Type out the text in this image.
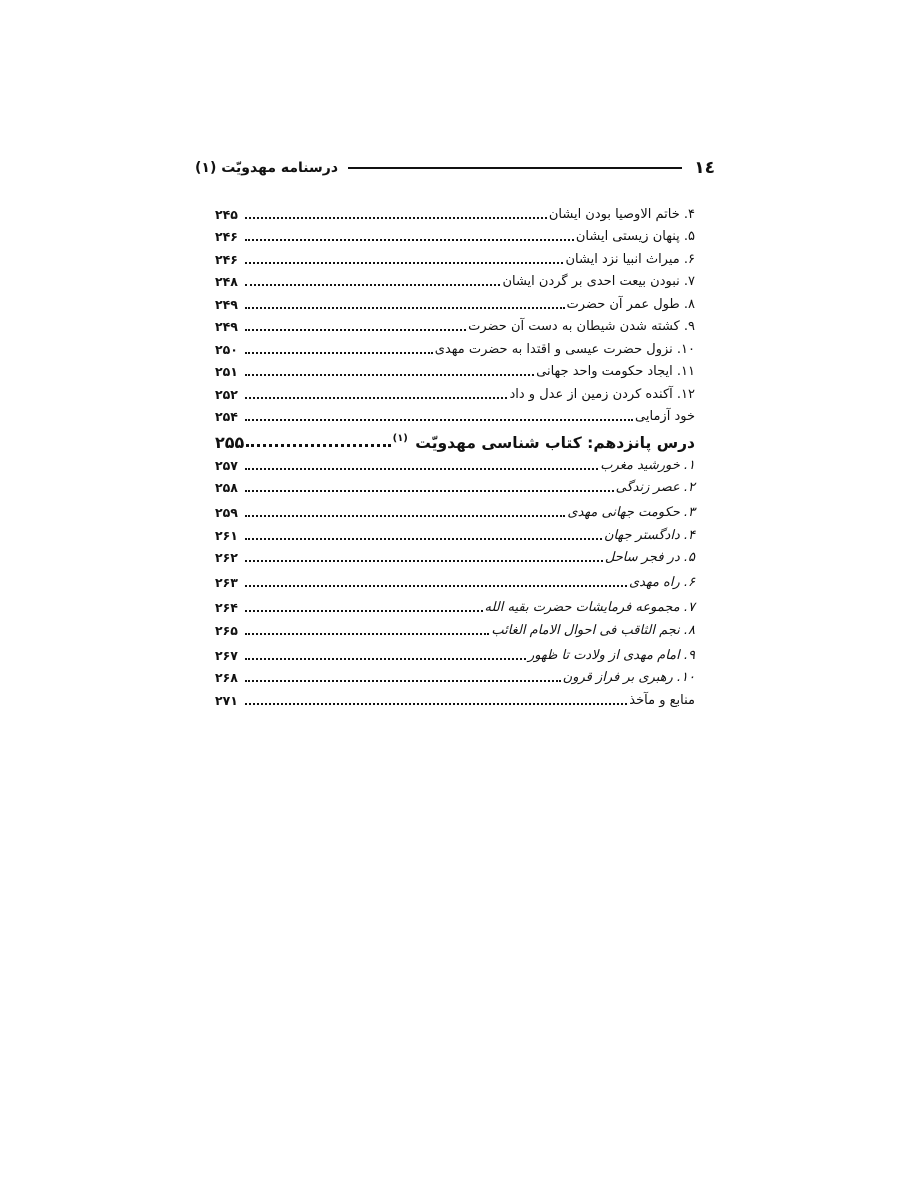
١٤
درسنامه مهدويّت (١)
۴. خاتم الاوصیا بودن ایشان
۲۴۵
۵. پنهان زیستی ایشان
۲۴۶
۶. میراث انبیا نزد ایشان
۲۴۶
۷. نبودن بیعت احدی بر گردن ایشان
۲۴۸
۸. طول عمر آن حضرت
۲۴۹
۹. کشته شدن شیطان به دست آن حضرت
۲۴۹
۱۰. نزول حضرت عیسی و اقتدا به حضرت مهدی
۲۵۰
۱۱. ایجاد حکومت واحد جهانی
۲۵۱
۱۲. آکنده کردن زمین از عدل و داد
۲۵۲
خود آزمایی
۲۵۴
درس پانزدهم: کتاب شناسی مهدویّت $^{(۱)}$
۲۵۵
۱. خورشید مغرب
۲۵۷
۲. عصر زندگی
۲۵۸
۳. حکومت جهانی مهدی
۲۵۹
۴. دادگستر جهان
۲۶۱
۵. در فجر ساحل
۲۶۲
۶. راه مهدی
۲۶۳
۷. مجموعه فرمایشات حضرت بقیه الله
۲۶۴
۸. نجم الثاقب فی احوال الامام الغائب
۲۶۵
۹. امام مهدی از ولادت تا ظهور
۲۶۷
۱۰. رهبری بر فراز قرون
۲۶۸
منابع و مآخذ
۲۷۱
